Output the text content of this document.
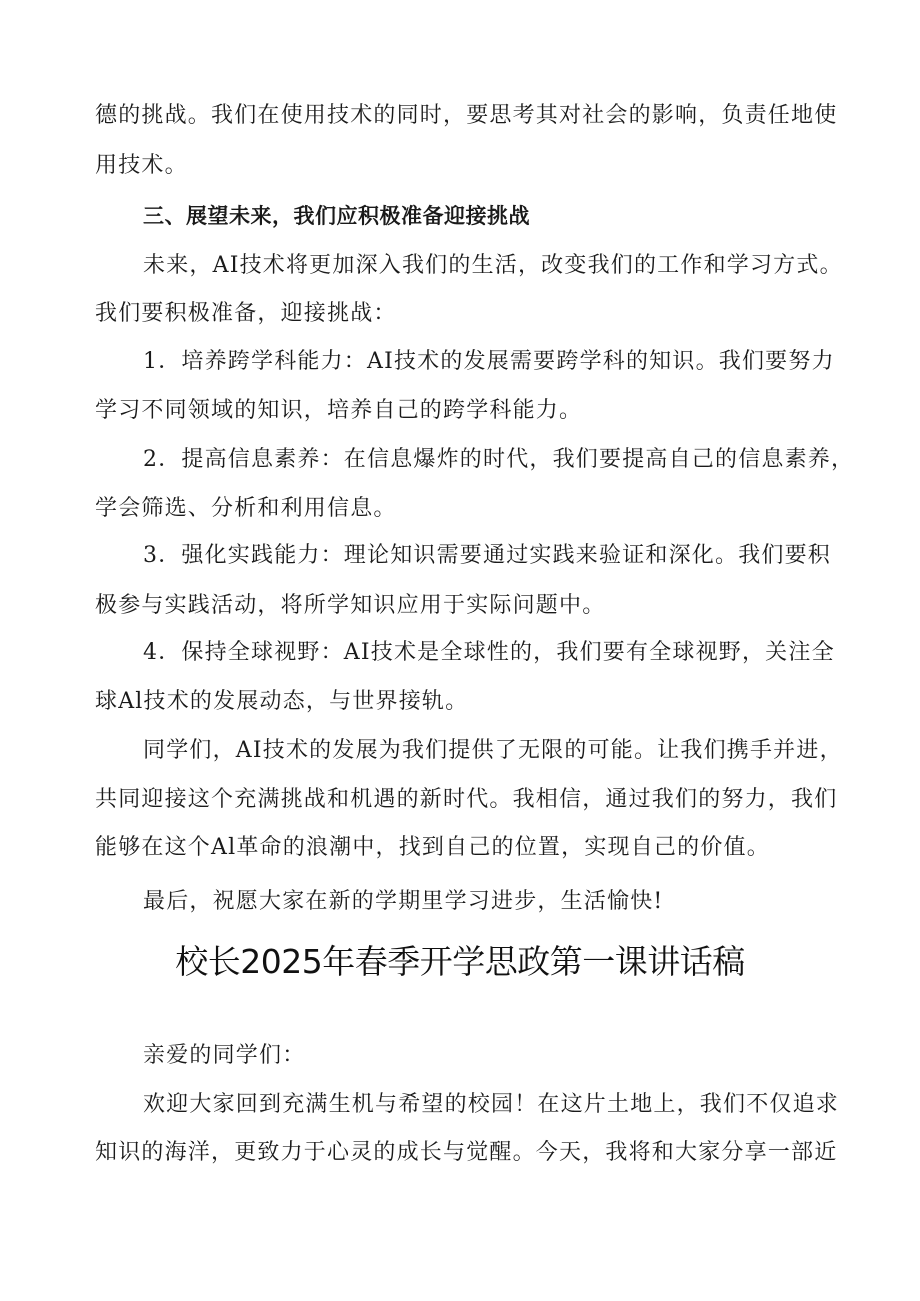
德的挑战。我们在使用技术的同时，要思考其对社会的影响，负责任地使
用技术。
三、展望未来，我们应积极准备迎接挑战
未来，AI技术将更加深入我们的生活，改变我们的工作和学习方式。
我们要积极准备，迎接挑战：
1．培养跨学科能力：AI技术的发展需要跨学科的知识。我们要努力
学习不同领域的知识，培养自己的跨学科能力。
2．提高信息素养：在信息爆炸的时代，我们要提高自己的信息素养，
学会筛选、分析和利用信息。
3．强化实践能力：理论知识需要通过实践来验证和深化。我们要积
极参与实践活动，将所学知识应用于实际问题中。
4．保持全球视野：AI技术是全球性的，我们要有全球视野，关注全
球Al技术的发展动态，与世界接轨。
同学们，AI技术的发展为我们提供了无限的可能。让我们携手并进，
共同迎接这个充满挑战和机遇的新时代。我相信，通过我们的努力，我们
能够在这个Al革命的浪潮中，找到自己的位置，实现自己的价值。
最后，祝愿大家在新的学期里学习进步，生活愉快!
校长2025年春季开学思政第一课讲话稿
亲爱的同学们：
欢迎大家回到充满生机与希望的校园！在这片土地上，我们不仅追求
知识的海洋，更致力于心灵的成长与觉醒。今天，我将和大家分享一部近
